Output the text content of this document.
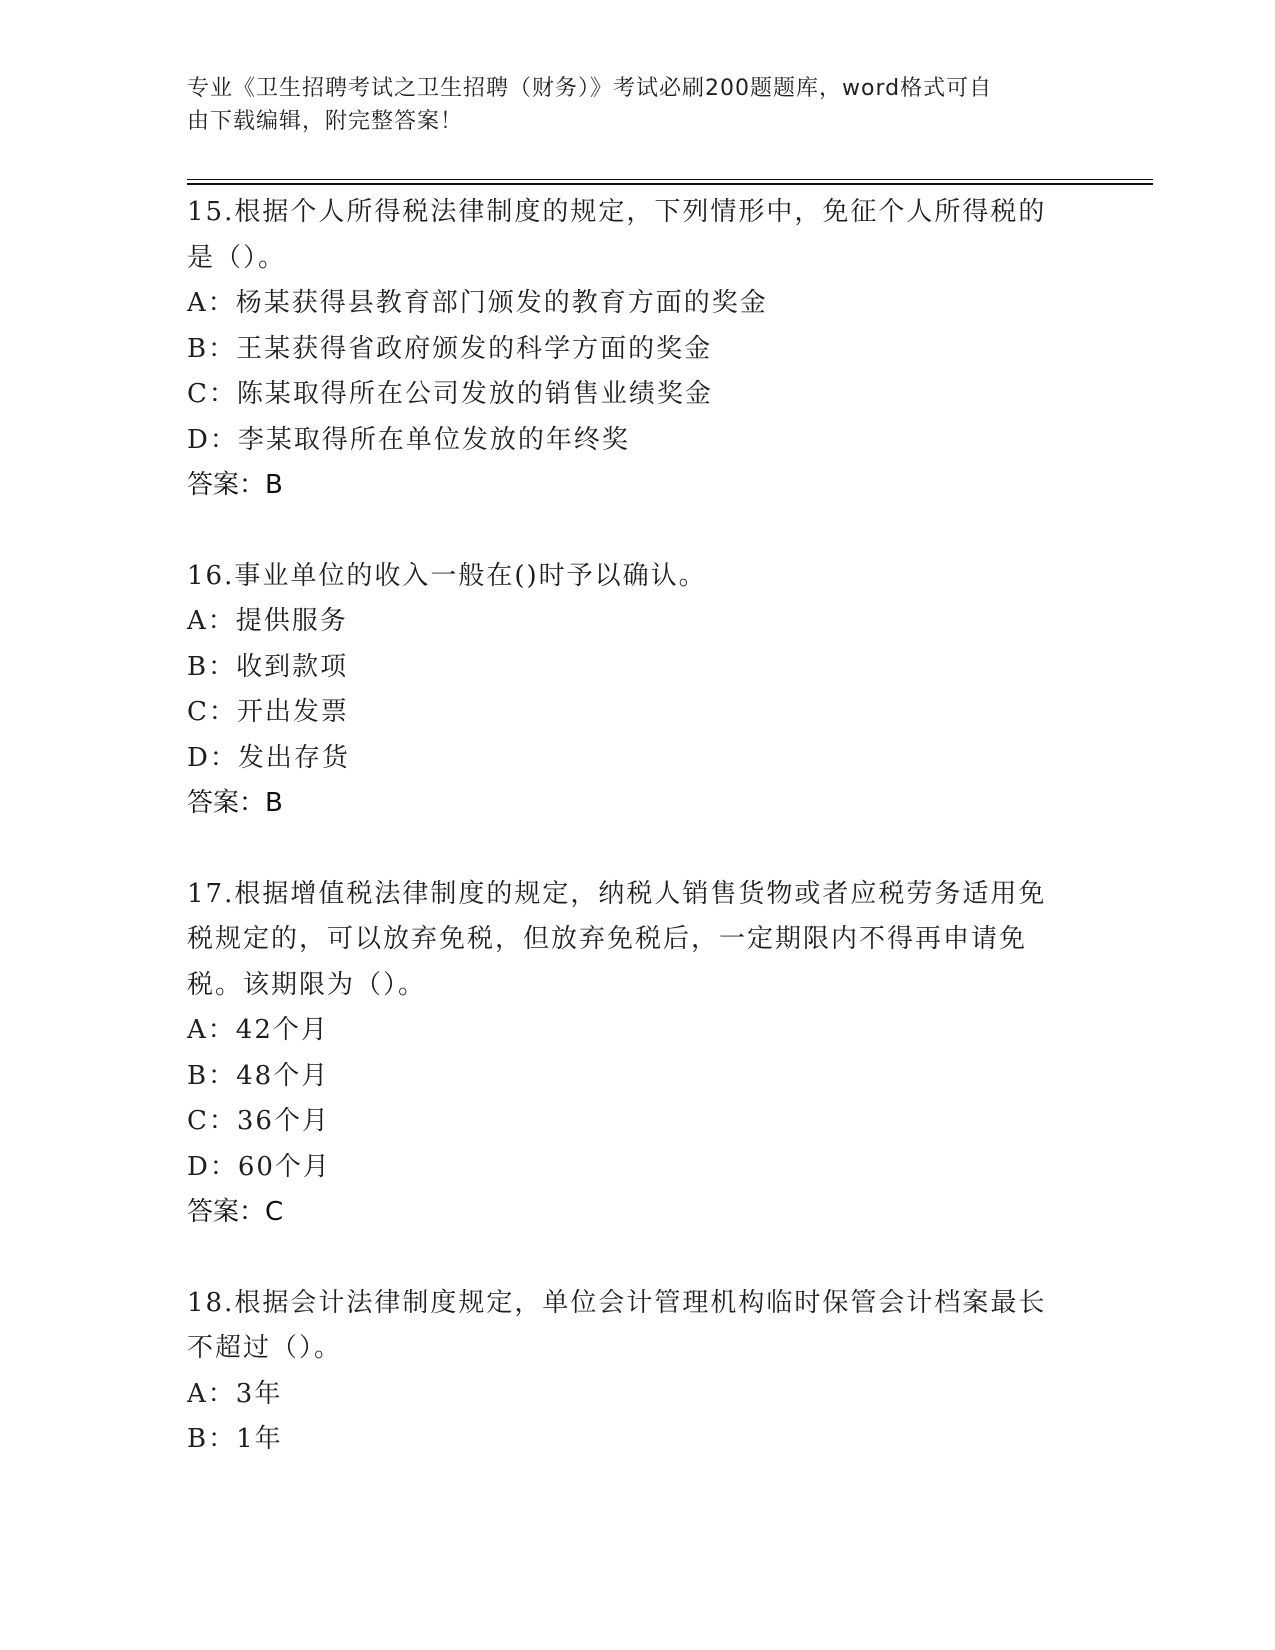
专业《卫生招聘考试之卫生招聘（财务）》考试必刷200题题库，word格式可自
由下载编辑，附完整答案！
15.根据个人所得税法律制度的规定，下列情形中，免征个人所得税的
是（）。
A：杨某获得县教育部门颁发的教育方面的奖金
B：王某获得省政府颁发的科学方面的奖金
C：陈某取得所在公司发放的销售业绩奖金
D：李某取得所在单位发放的年终奖
答案：B
16.事业单位的收入一般在()时予以确认。
A：提供服务
B：收到款项
C：开出发票
D：发出存货
答案：B
17.根据增值税法律制度的规定，纳税人销售货物或者应税劳务适用免
税规定的，可以放弃免税，但放弃免税后，一定期限内不得再申请免
税。该期限为（）。
A：42个月
B：48个月
C：36个月
D：60个月
答案：C
18.根据会计法律制度规定，单位会计管理机构临时保管会计档案最长
不超过（）。
A：3年
B：1年
